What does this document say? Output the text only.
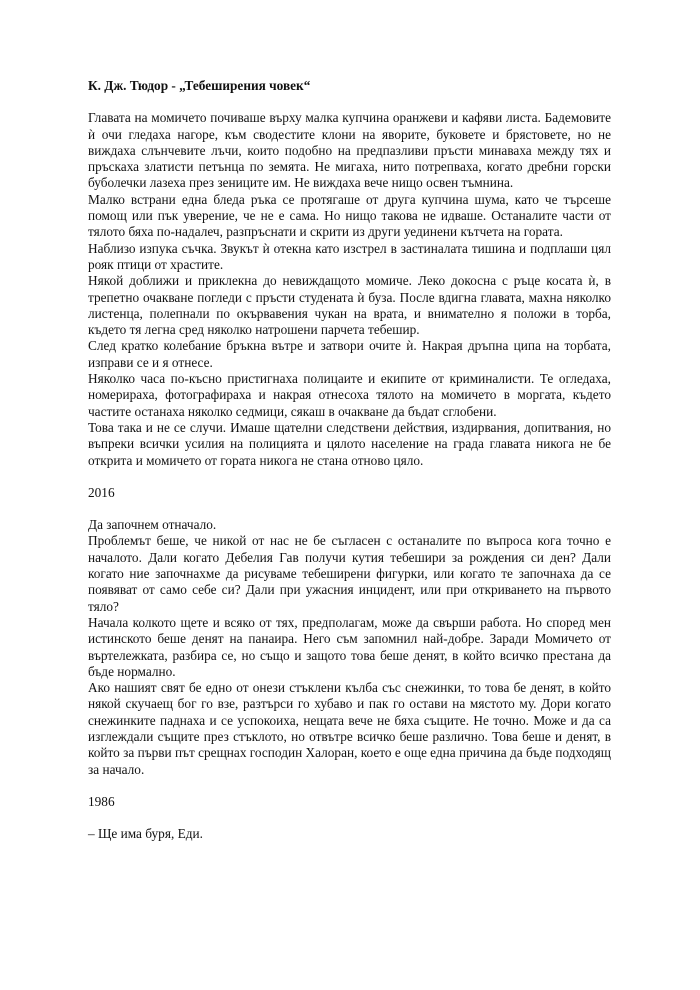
К. Дж. Тюдор - „Тебеширения човек“

Главата на момичето почиваше върху малка купчина оранжеви и кафяви листа. Бадемовите ѝ очи гледаха нагоре, към сводестите клони на яворите, буковете и брястовете, но не виждаха слънчевите лъчи, които подобно на предпазливи пръсти минаваха между тях и пръскаха златисти петънца по земята. Не мигаха, нито потрепваха, когато дребни горски буболечки лазеха през зениците им. Не виждаха вече нищо освен тъмнина.

Малко встрани една бледа ръка се протягаше от друга купчина шума, като че търсеше помощ или пък уверение, че не е сама. Но нищо такова не идваше. Останалите части от тялото бяха по-надалеч, разпръснати и скрити из други уединени кътчета на гората.

Наблизо изпука съчка. Звукът ѝ отекна като изстрел в застиналата тишина и подплаши цял рояк птици от храстите.

Някой доближи и приклекна до невиждащото момиче. Леко докосна с ръце косата ѝ, в трепетно очакване погледи с пръсти студената ѝ буза. После вдигна главата, махна няколко листенца, полепнали по окървавения чукан на врата, и внимателно я положи в торба, където тя легна сред няколко натрошени парчета тебешир.

След кратко колебание бръкна вътре и затвори очите ѝ. Накрая дръпна ципа на торбата, изправи се и я отнесе.

Няколко часа по-късно пристигнаха полицаите и екипите от криминалисти. Те огледаха, номерираха, фотографираха и накрая отнесоха тялото на момичето в моргата, където частите останаха няколко седмици, сякаш в очакване да бъдат сглобени.

Това така и не се случи. Имаше щателни следствени действия, издирвания, допитвания, но въпреки всички усилия на полицията и цялото население на града главата никога не бе открита и момичето от гората никога не стана отново цяло.

2016

Да започнем отначало.

Проблемът беше, че никой от нас не бе съгласен с останалите по въпроса кога точно е началото. Дали когато Дебелия Гав получи кутия тебешири за рождения си ден? Дали когато ние започнахме да рисуваме тебеширени фигурки, или когато те започнаха да се появяват от само себе си? Дали при ужасния инцидент, или при откриването на първото тяло?

Начала колкото щете и всяко от тях, предполагам, може да свърши работа. Но според мен истинското беше денят на панаира. Него съм запомнил най-добре. Заради Момичето от въртележката, разбира се, но също и защото това беше денят, в който всичко престана да бъде нормално.

Ако нашият свят бе едно от онези стъклени кълба със снежинки, то това бе денят, в който някой скучаещ бог го взе, разтърси го хубаво и пак го остави на мястото му. Дори когато снежинките паднаха и се успокоиха, нещата вече не бяха същите. Не точно. Може и да са изглеждали същите през стъклото, но отвътре всичко беше различно. Това беше и денят, в който за първи път срещнах господин Халоран, което е още една причина да бъде подходящ за начало.

1986

– Ще има буря, Еди.
